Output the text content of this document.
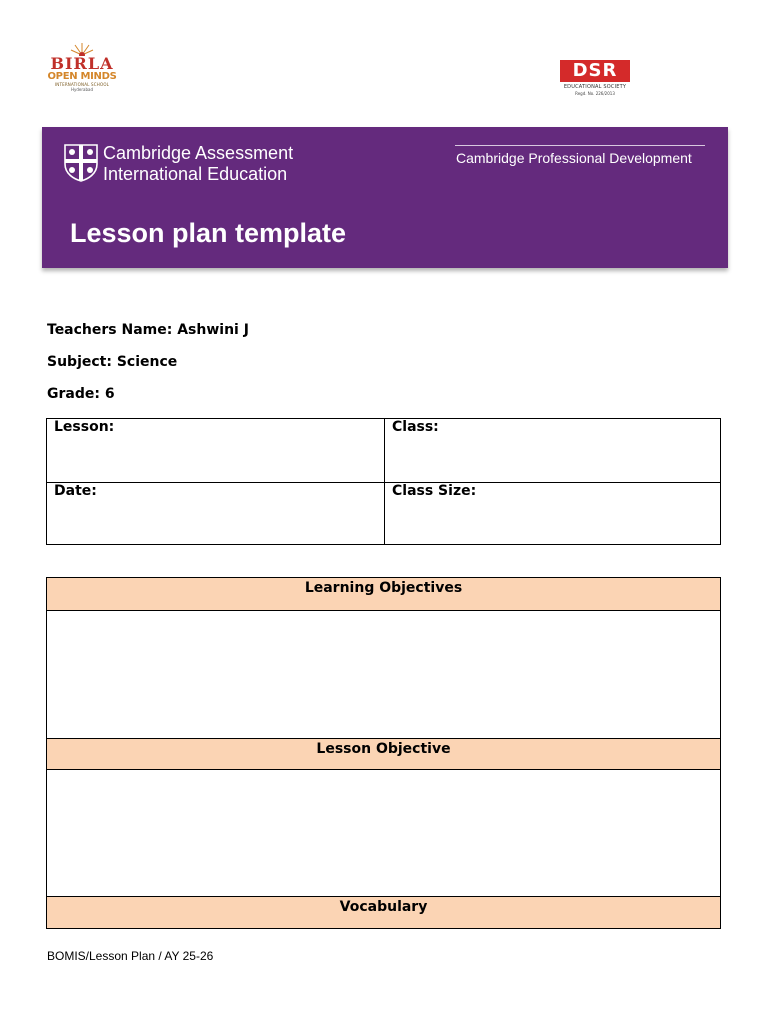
BIRLA
OPEN MINDS
INTERNATIONAL SCHOOL
Hyderabad
DSR
EDUCATIONAL SOCIETY
Regd. No. 226/2013
Cambridge Assessment
International Education
Cambridge Professional Development
Lesson plan template
Teachers Name: Ashwini J
Subject: Science
Grade: 6
Lesson:	Class:
Date:	Class Size:
Learning Objectives
Lesson Objective
Vocabulary
BOMIS/Lesson Plan / AY 25-26
